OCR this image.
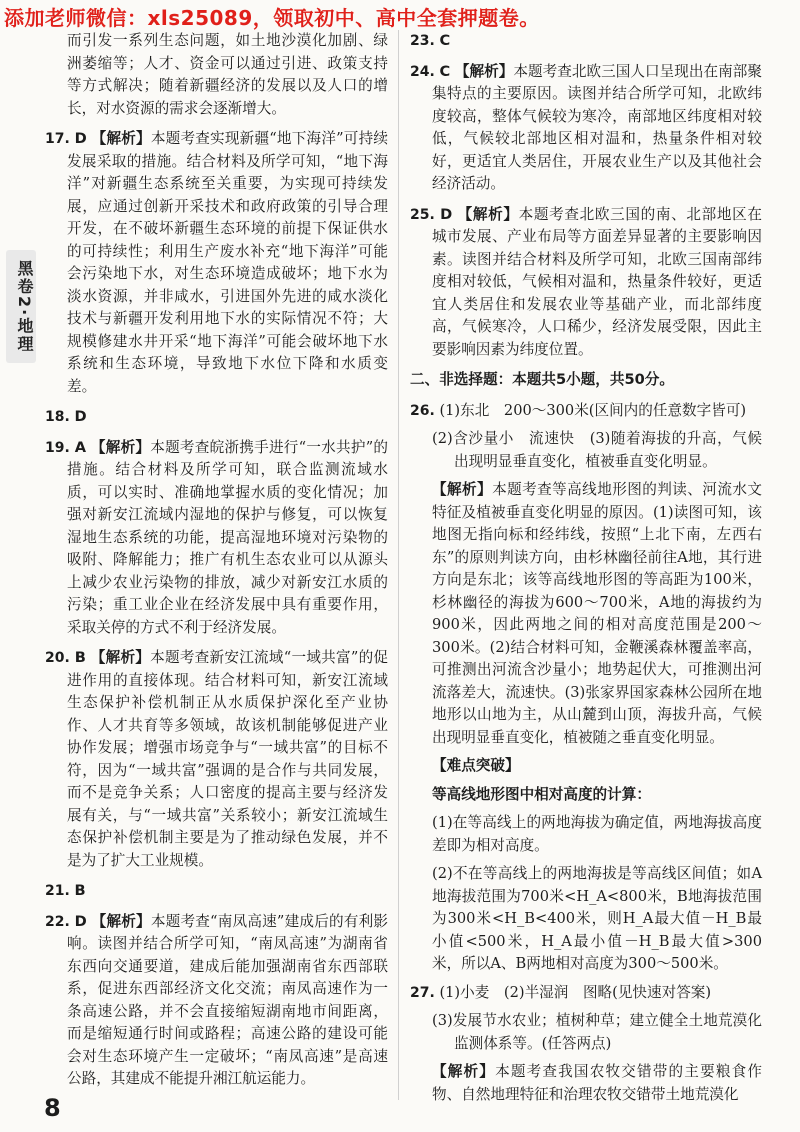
添加老师微信：xls25089，领取初中、高中全套押题卷。
黑卷2·地理

而引发一系列生态问题，如土地沙漠化加剧、绿洲萎缩等；人才、资金可以通过引进、政策支持等方式解决；随着新疆经济的发展以及人口的增长，对水资源的需求会逐渐增大。

17. D 【解析】本题考查实现新疆“地下海洋”可持续发展采取的措施。结合材料及所学可知，“地下海洋”对新疆生态系统至关重要，为实现可持续发展，应通过创新开采技术和政府政策的引导合理开发，在不破坏新疆生态环境的前提下保证供水的可持续性；利用生产废水补充“地下海洋”可能会污染地下水，对生态环境造成破坏；地下水为淡水资源，并非咸水，引进国外先进的咸水淡化技术与新疆开发利用地下水的实际情况不符；大规模修建水井开采“地下海洋”可能会破坏地下水系统和生态环境，导致地下水位下降和水质变差。

18. D

19. A 【解析】本题考查皖浙携手进行“一水共护”的措施。结合材料及所学可知，联合监测流域水质，可以实时、准确地掌握水质的变化情况；加强对新安江流域内湿地的保护与修复，可以恢复湿地生态系统的功能，提高湿地环境对污染物的吸附、降解能力；推广有机生态农业可以从源头上减少农业污染物的排放，减少对新安江水质的污染；重工业企业在经济发展中具有重要作用，采取关停的方式不利于经济发展。

20. B 【解析】本题考查新安江流域“一域共富”的促进作用的直接体现。结合材料可知，新安江流域生态保护补偿机制正从水质保护深化至产业协作、人才共育等多领域，故该机制能够促进产业协作发展；增强市场竞争与“一域共富”的目标不符，因为“一域共富”强调的是合作与共同发展，而不是竞争关系；人口密度的提高主要与经济发展有关，与“一域共富”关系较小；新安江流域生态保护补偿机制主要是为了推动绿色发展，并不是为了扩大工业规模。

21. B

22. D 【解析】本题考查“南凤高速”建成后的有利影响。读图并结合所学可知，“南凤高速”为湖南省东西向交通要道，建成后能加强湖南省东西部联系，促进东西部经济文化交流；南凤高速作为一条高速公路，并不会直接缩短湖南地市间距离，而是缩短通行时间或路程；高速公路的建设可能会对生态环境产生一定破坏；“南凤高速”是高速公路，其建成不能提升湘江航运能力。

23. C

24. C 【解析】本题考查北欧三国人口呈现出在南部聚集特点的主要原因。读图并结合所学可知，北欧纬度较高，整体气候较为寒冷，南部地区纬度相对较低，气候较北部地区相对温和，热量条件相对较好，更适宜人类居住，开展农业生产以及其他社会经济活动。

25. D 【解析】本题考查北欧三国的南、北部地区在城市发展、产业布局等方面差异显著的主要影响因素。读图并结合材料及所学可知，北欧三国南部纬度相对较低，气候相对温和，热量条件较好，更适宜人类居住和发展农业等基础产业，而北部纬度高，气候寒冷，人口稀少，经济发展受限，因此主要影响因素为纬度位置。

二、非选择题：本题共5小题，共50分。

26. (1)东北　200～300米(区间内的任意数字皆可)

(2)含沙量小　流速快　(3)随着海拔的升高，气候出现明显垂直变化，植被垂直变化明显。

【解析】本题考查等高线地形图的判读、河流水文特征及植被垂直变化明显的原因。(1)读图可知，该地图无指向标和经纬线，按照“上北下南，左西右东”的原则判读方向，由杉林幽径前往A地，其行进方向是东北；该等高线地形图的等高距为100米，杉林幽径的海拔为600～700米，A地的海拔约为900米，因此两地之间的相对高度范围是200～300米。(2)结合材料可知，金鞭溪森林覆盖率高，可推测出河流含沙量小；地势起伏大，可推测出河流落差大，流速快。(3)张家界国家森林公园所在地地形以山地为主，从山麓到山顶，海拔升高，气候出现明显垂直变化，植被随之垂直变化明显。

【难点突破】

等高线地形图中相对高度的计算：

(1)在等高线上的两地海拔为确定值，两地海拔高度差即为相对高度。

(2)不在等高线上的两地海拔是等高线区间值；如A地海拔范围为700米<H_A<800米，B地海拔范围为300米<H_B<400米，则H_A最大值－H_B最小值<500米，H_A最小值－H_B最大值>300米，所以A、B两地相对高度为300～500米。

27. (1)小麦　(2)半湿润　图略(见快速对答案)

(3)发展节水农业；植树种草；建立健全土地荒漠化监测体系等。(任答两点)

【解析】本题考查我国农牧交错带的主要粮食作物、自然地理特征和治理农牧交错带土地荒漠化

8
